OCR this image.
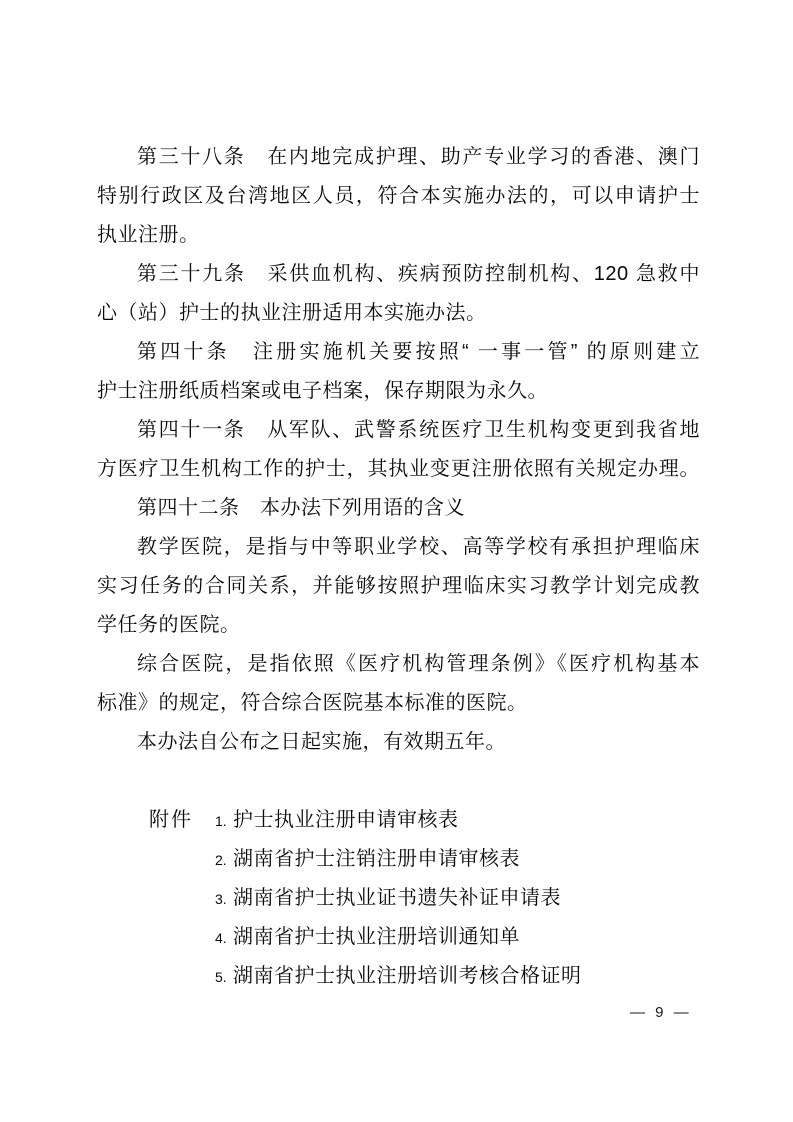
第三十八条　在内地完成护理、助产专业学习的香港、澳门
特别行政区及台湾地区人员，符合本实施办法的，可以申请护士
执业注册。

第三十九条　采供血机构、疾病预防控制机构、120 急救中
心（站）护士的执业注册适用本实施办法。

第四十条　注册实施机关要按照“ 一事一管” 的原则建立
护士注册纸质档案或电子档案，保存期限为永久。

第四十一条　从军队、武警系统医疗卫生机构变更到我省地
方医疗卫生机构工作的护士，其执业变更注册依照有关规定办理。

第四十二条　本办法下列用语的含义

教学医院，是指与中等职业学校、高等学校有承担护理临床
实习任务的合同关系，并能够按照护理临床实习教学计划完成教
学任务的医院。

综合医院，是指依照《医疗机构管理条例》《医疗机构基本
标准》的规定，符合综合医院基本标准的医院。

本办法自公布之日起实施，有效期五年。

附件	1. 护士执业注册申请审核表
2. 湖南省护士注销注册申请审核表
3. 湖南省护士执业证书遗失补证申请表
4. 湖南省护士执业注册培训通知单
5. 湖南省护士执业注册培训考核合格证明
— 9 —
